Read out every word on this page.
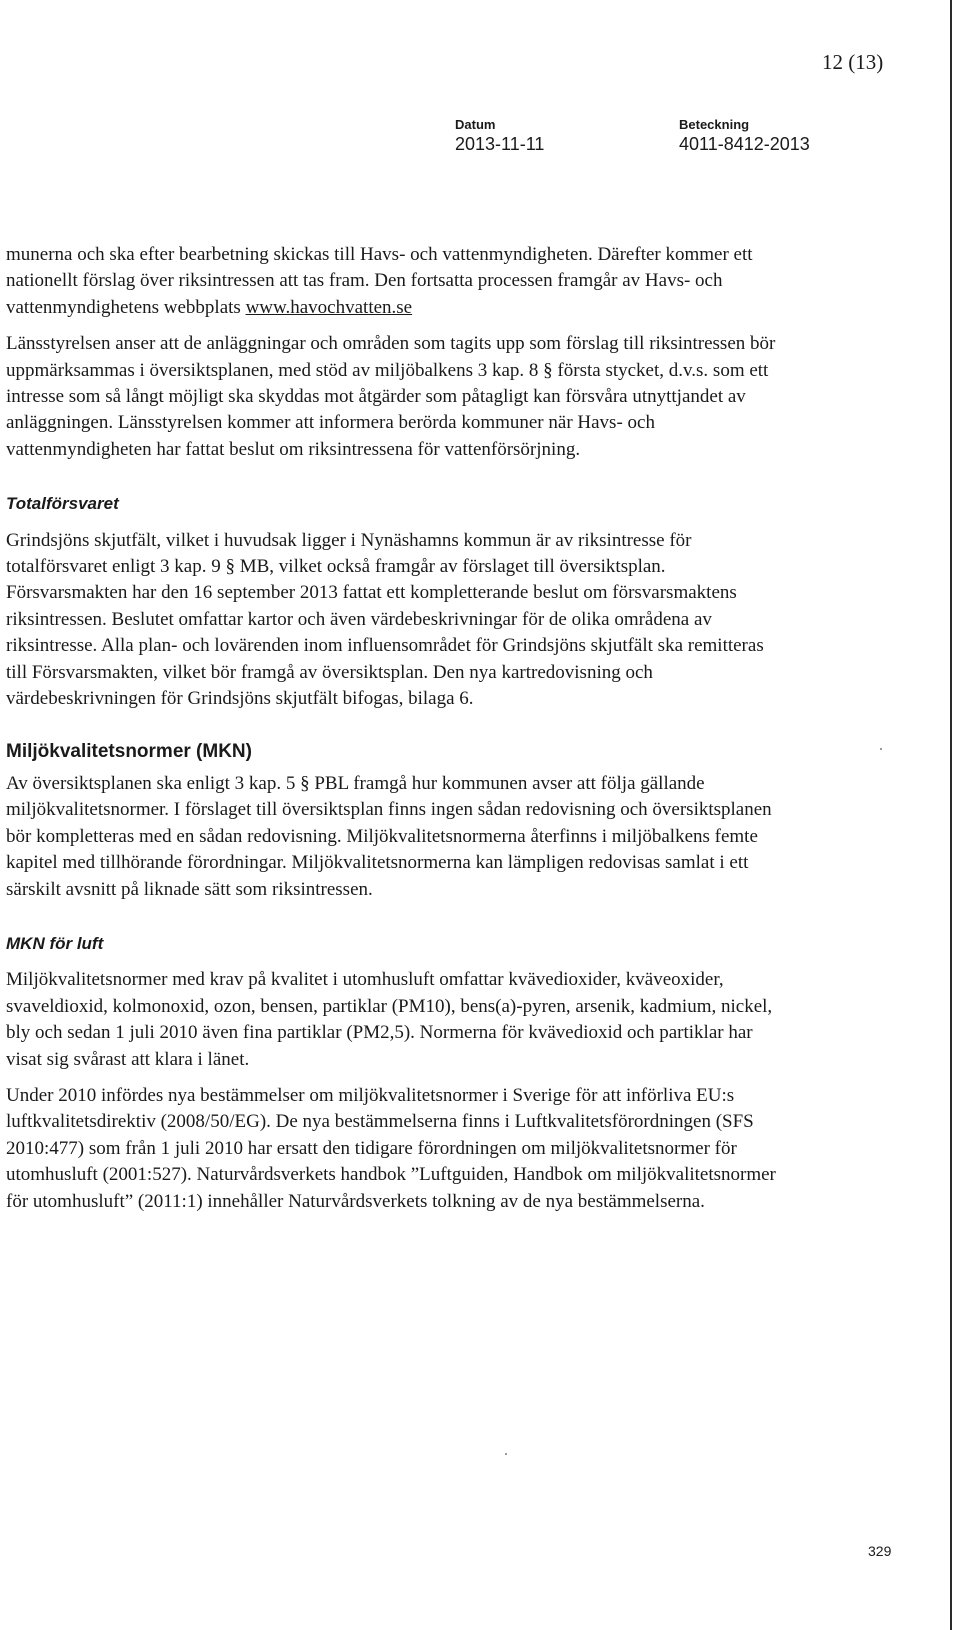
12 (13)
Datum
2013-11-11
Beteckning
4011-8412-2013

munerna och ska efter bearbetning skickas till Havs- och vattenmyndigheten. Därefter kommer ett nationellt förslag över riksintressen att tas fram. Den fortsatta processen framgår av Havs- och vattenmyndighetens webbplats www.havochvatten.se

Länsstyrelsen anser att de anläggningar och områden som tagits upp som förslag till riksintressen bör uppmärksammas i översiktsplanen, med stöd av miljöbalkens 3 kap. 8 § första stycket, d.v.s. som ett intresse som så långt möjligt ska skyddas mot åtgärder som påtagligt kan försvåra utnyttjandet av anläggningen. Länsstyrelsen kommer att informera berörda kommuner när Havs- och vattenmyndigheten har fattat beslut om riksintressena för vattenförsörjning.

Totalförsvaret

Grindsjöns skjutfält, vilket i huvudsak ligger i Nynäshamns kommun är av riksintresse för totalförsvaret enligt 3 kap. 9 § MB, vilket också framgår av förslaget till översiktsplan. Försvarsmakten har den 16 september 2013 fattat ett kompletterande beslut om försvarsmaktens riksintressen. Beslutet omfattar kartor och även värdebeskrivningar för de olika områdena av riksintresse. Alla plan- och lovärenden inom influensområdet för Grindsjöns skjutfält ska remitteras till Försvarsmakten, vilket bör framgå av översiktsplan. Den nya kartredovisning och värdebeskrivningen för Grindsjöns skjutfält bifogas, bilaga 6.

Miljökvalitetsnormer (MKN)

Av översiktsplanen ska enligt 3 kap. 5 § PBL framgå hur kommunen avser att följa gällande miljökvalitetsnormer. I förslaget till översiktsplan finns ingen sådan redovisning och översiktsplanen bör kompletteras med en sådan redovisning. Miljökvalitetsnormerna återfinns i miljöbalkens femte kapitel med tillhörande förordningar. Miljökvalitetsnormerna kan lämpligen redovisas samlat i ett särskilt avsnitt på liknade sätt som riksintressen.

MKN för luft

Miljökvalitetsnormer med krav på kvalitet i utomhusluft omfattar kvävedioxider, kväveoxider, svaveldioxid, kolmonoxid, ozon, bensen, partiklar (PM10), bens(a)-pyren, arsenik, kadmium, nickel, bly och sedan 1 juli 2010 även fina partiklar (PM2,5). Normerna för kvävedioxid och partiklar har visat sig svårast att klara i länet.

Under 2010 infördes nya bestämmelser om miljökvalitetsnormer i Sverige för att införliva EU:s luftkvalitetsdirektiv (2008/50/EG). De nya bestämmelserna finns i Luftkvalitetsförordningen (SFS 2010:477) som från 1 juli 2010 har ersatt den tidigare förordningen om miljökvalitetsnormer för utomhusluft (2001:527). Naturvårdsverkets handbok ”Luftguiden, Handbok om miljökvalitetsnormer för utomhusluft” (2011:1) innehåller Naturvårdsverkets tolkning av de nya bestämmelserna.

329
